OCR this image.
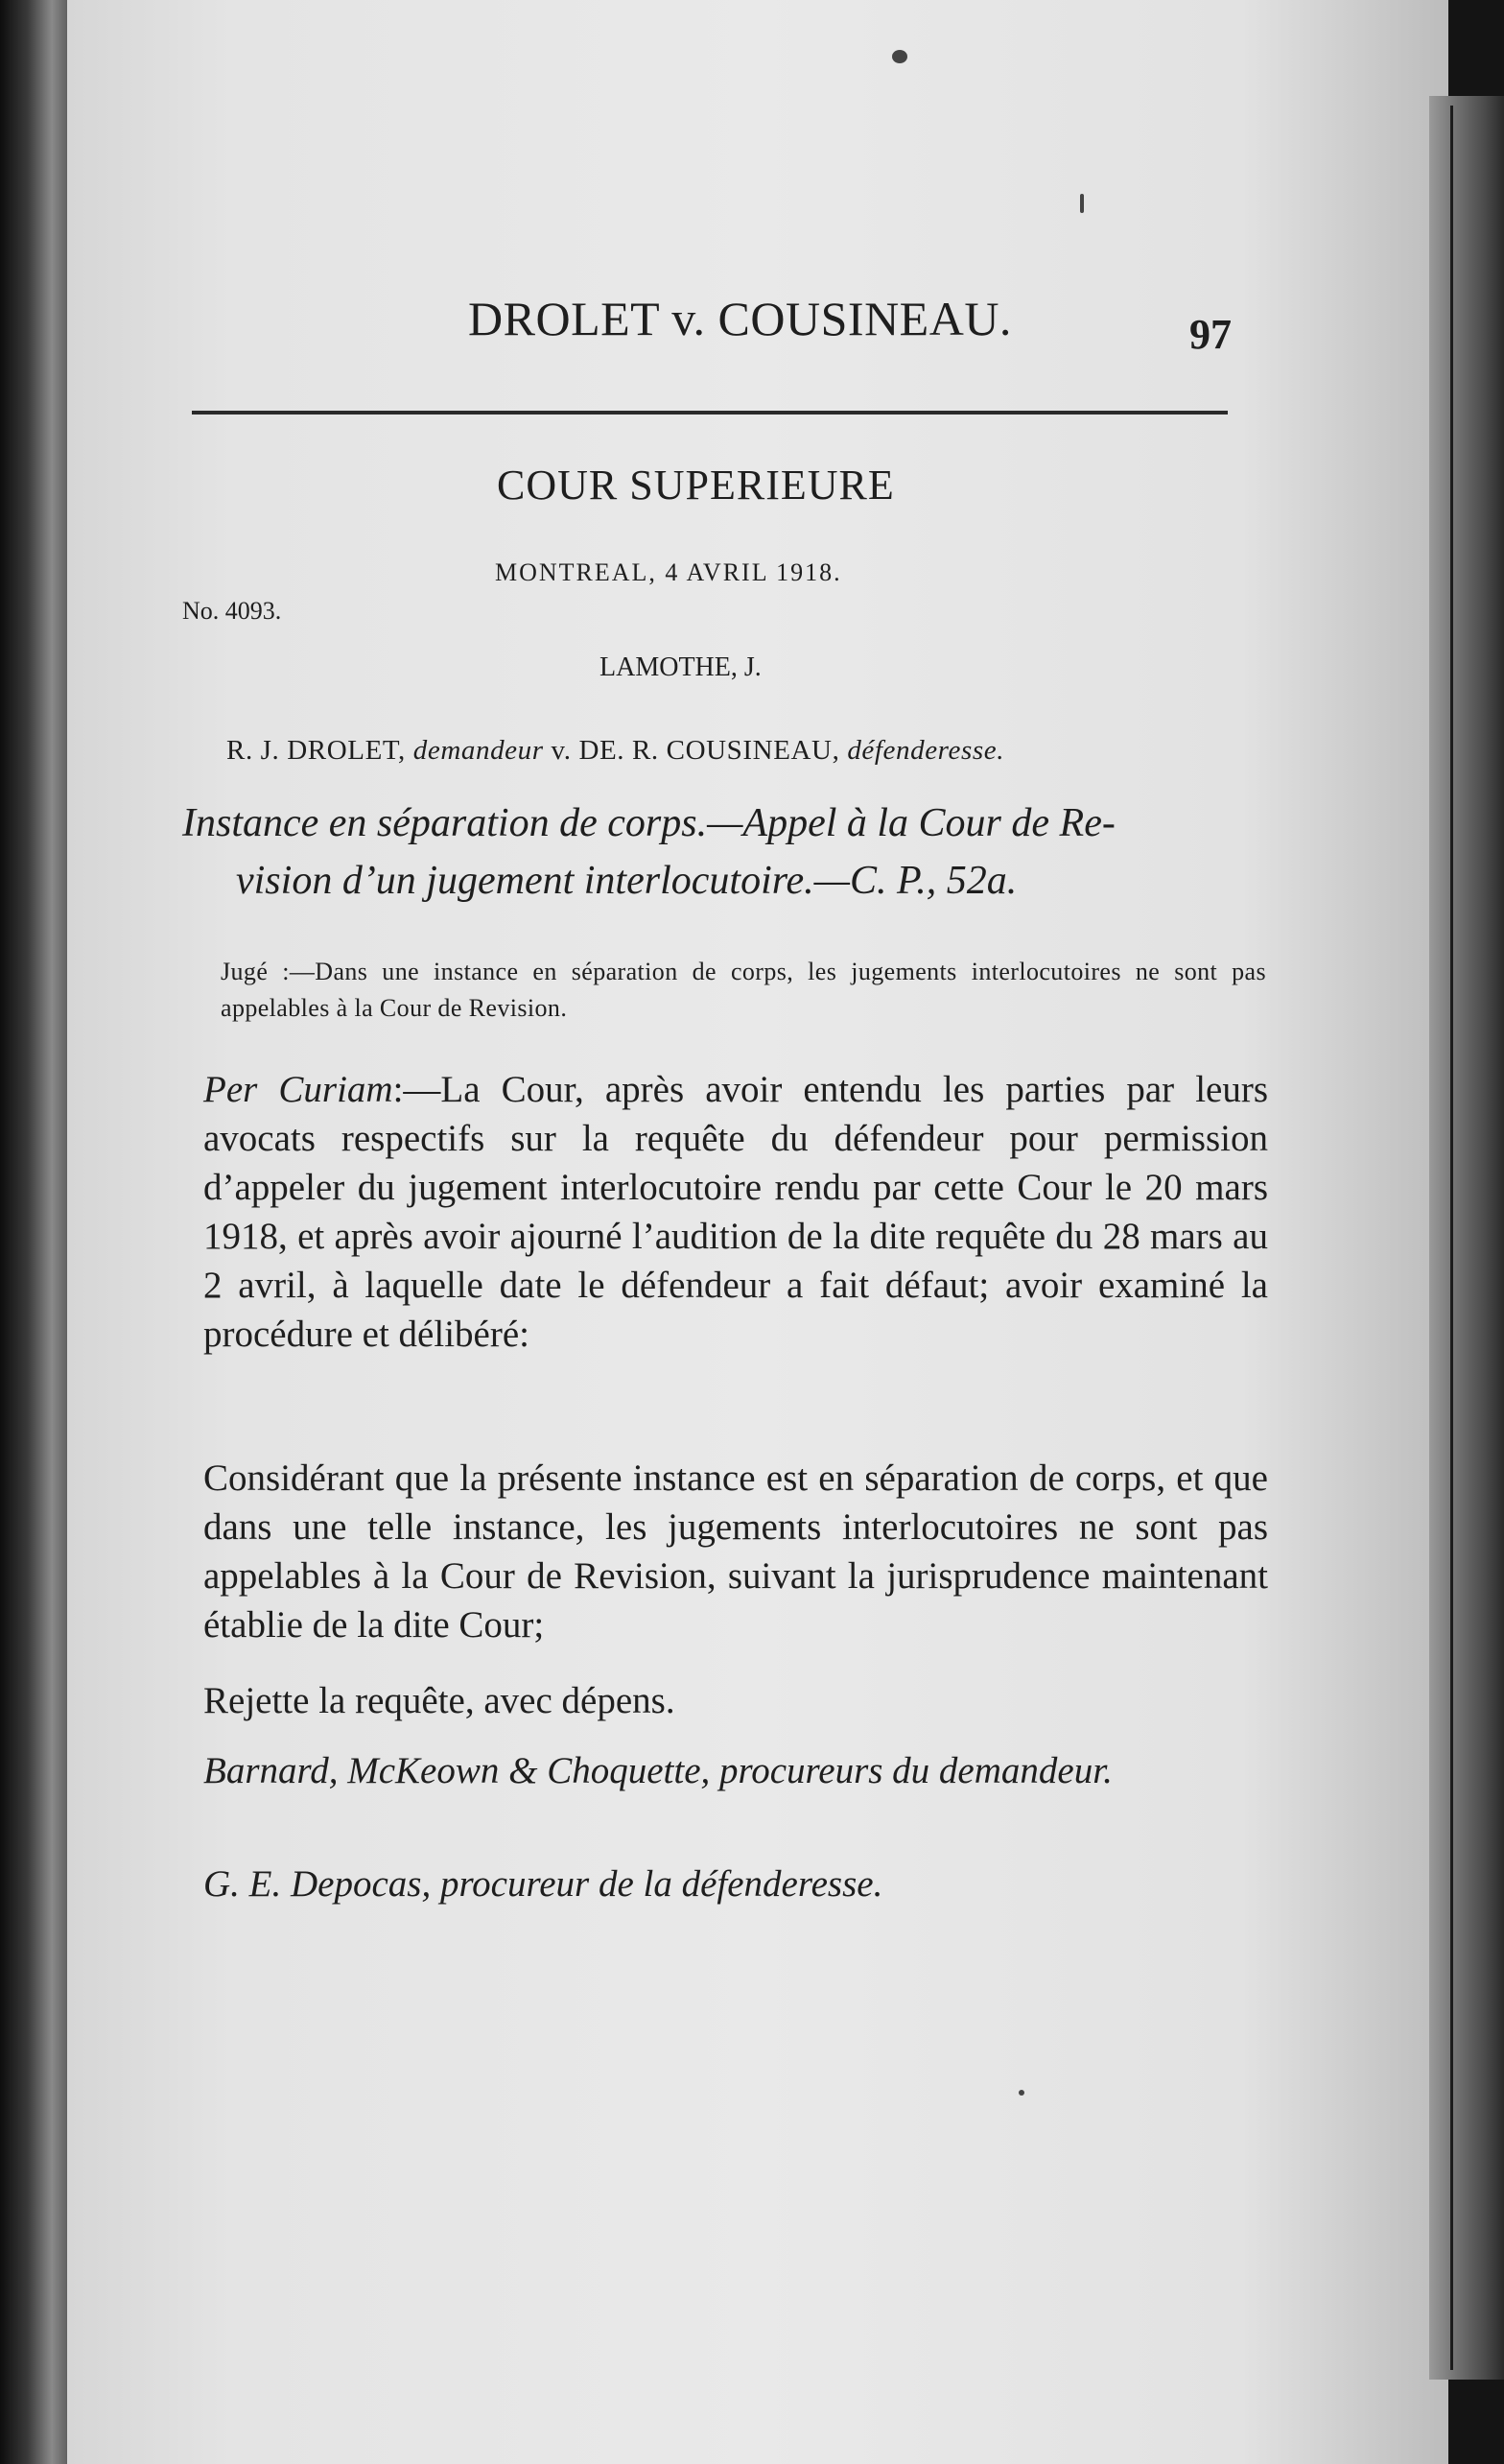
DROLET v. COUSINEAU.	97
COUR SUPERIEURE
MONTREAL, 4 AVRIL 1918.
No. 4093.
LAMOTHE, J.
R. J. DROLET, demandeur v. DE. R. COUSINEAU, défenderesse.
Instance en séparation de corps.—Appel à la Cour de Re-
vision d’un jugement interlocutoire.—C. P., 52a.
Jugé :—Dans une instance en séparation de corps, les jugements interlocutoires ne sont pas appelables à la Cour de Revision.
Per Curiam:—La Cour, après avoir entendu les parties par leurs avocats respectifs sur la requête du défendeur pour permission d’appeler du jugement interlocutoire rendu par cette Cour le 20 mars 1918, et après avoir ajourné l’audition de la dite requête du 28 mars au 2 avril, à laquelle date le défendeur a fait défaut; avoir examiné la procédure et délibéré:
Considérant que la présente instance est en séparation de corps, et que dans une telle instance, les jugements interlocutoires ne sont pas appelables à la Cour de Revision, suivant la jurisprudence maintenant établie de la dite Cour;
Rejette la requête, avec dépens.
Barnard, McKeown & Choquette, procureurs du demandeur.
G. E. Depocas, procureur de la défenderesse.
